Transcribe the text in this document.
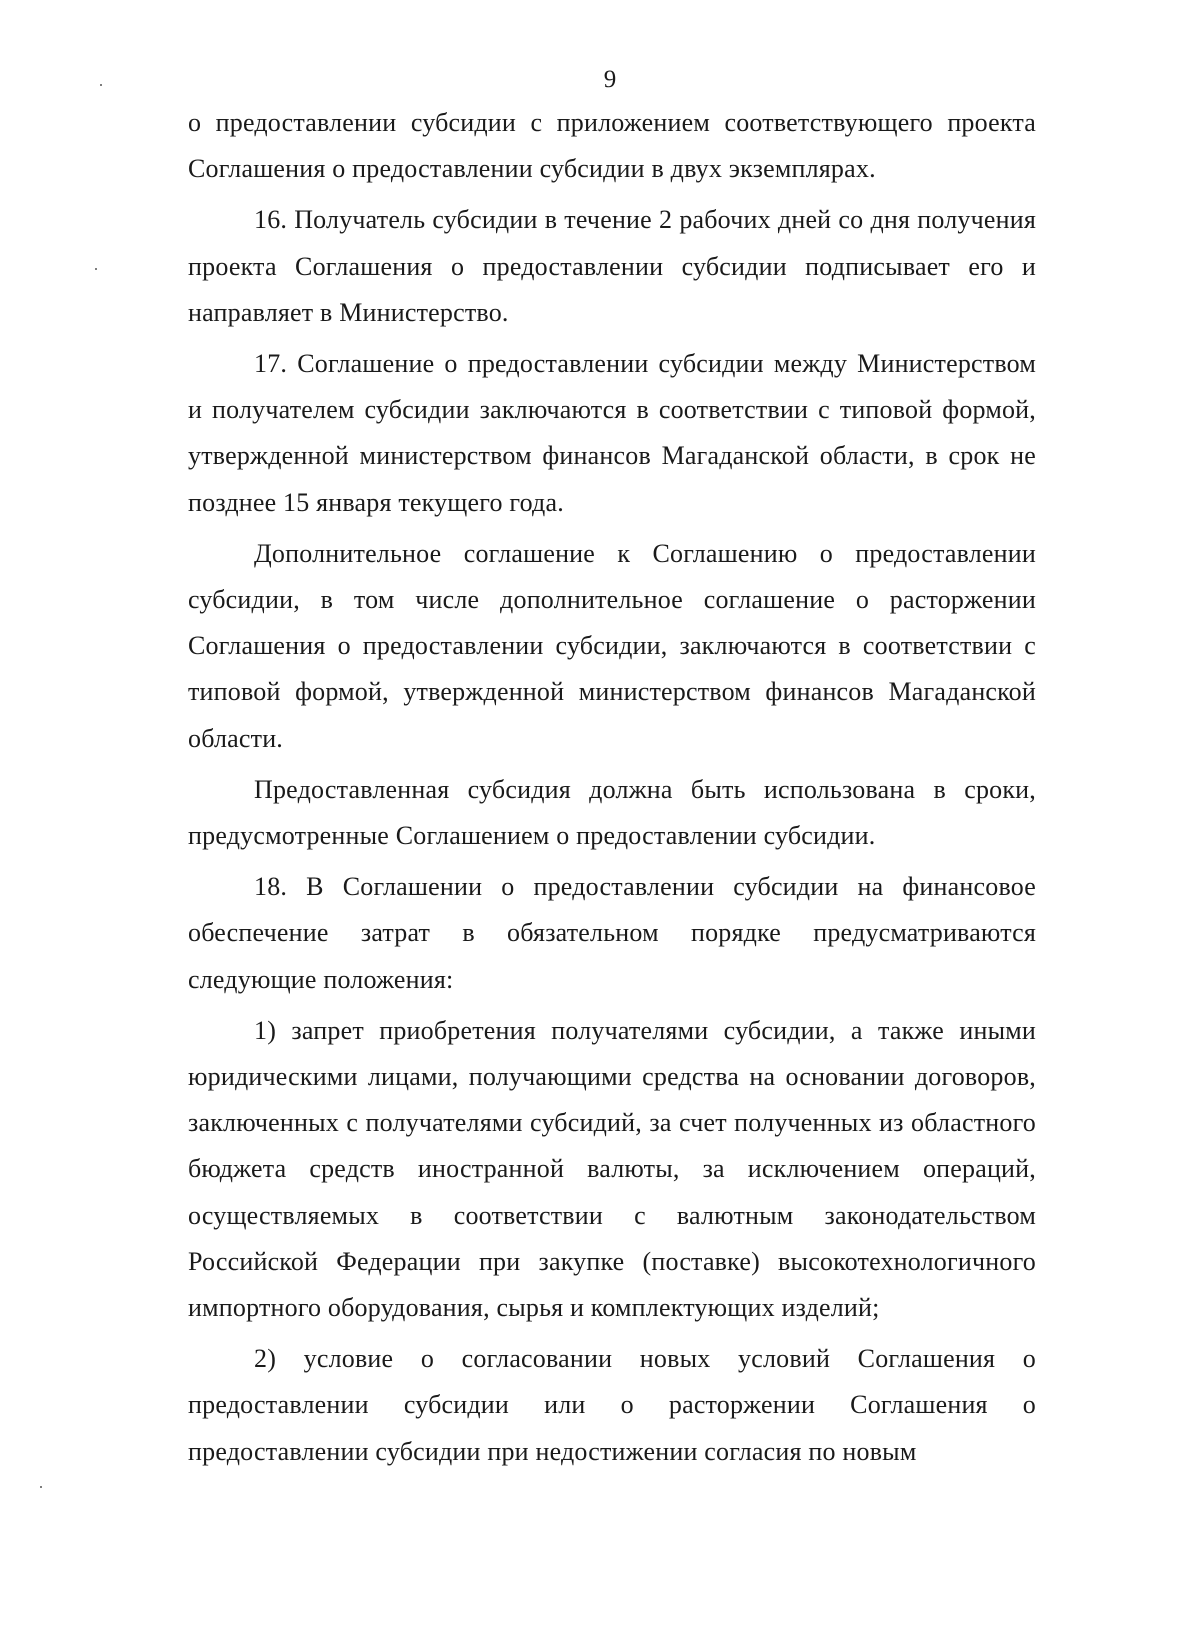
9

о предоставлении субсидии с приложением соответствующего проекта Соглашения о предоставлении субсидии в двух экземплярах.

16. Получатель субсидии в течение 2 рабочих дней со дня получения проекта Соглашения о предоставлении субсидии подписывает его и направляет в Министерство.

17. Соглашение о предоставлении субсидии между Министерством и получателем субсидии заключаются в соответствии с типовой формой, утвержденной министерством финансов Магаданской области, в срок не позднее 15 января текущего года.

Дополнительное соглашение к Соглашению о предоставлении субсидии, в том числе дополнительное соглашение о расторжении Соглашения о предоставлении субсидии, заключаются в соответствии с типовой формой, утвержденной министерством финансов Магаданской области.

Предоставленная субсидия должна быть использована в сроки, предусмотренные Соглашением о предоставлении субсидии.

18. В Соглашении о предоставлении субсидии на финансовое обеспечение затрат в обязательном порядке предусматриваются следующие положения:

1) запрет приобретения получателями субсидии, а также иными юридическими лицами, получающими средства на основании договоров, заключенных с получателями субсидий, за счет полученных из областного бюджета средств иностранной валюты, за исключением операций, осуществляемых в соответствии с валютным законодательством Российской Федерации при закупке (поставке) высокотехнологичного импортного оборудования, сырья и комплектующих изделий;

2) условие о согласовании новых условий Соглашения о предоставлении субсидии или о расторжении Соглашения о предоставлении субсидии при недостижении согласия по новым
